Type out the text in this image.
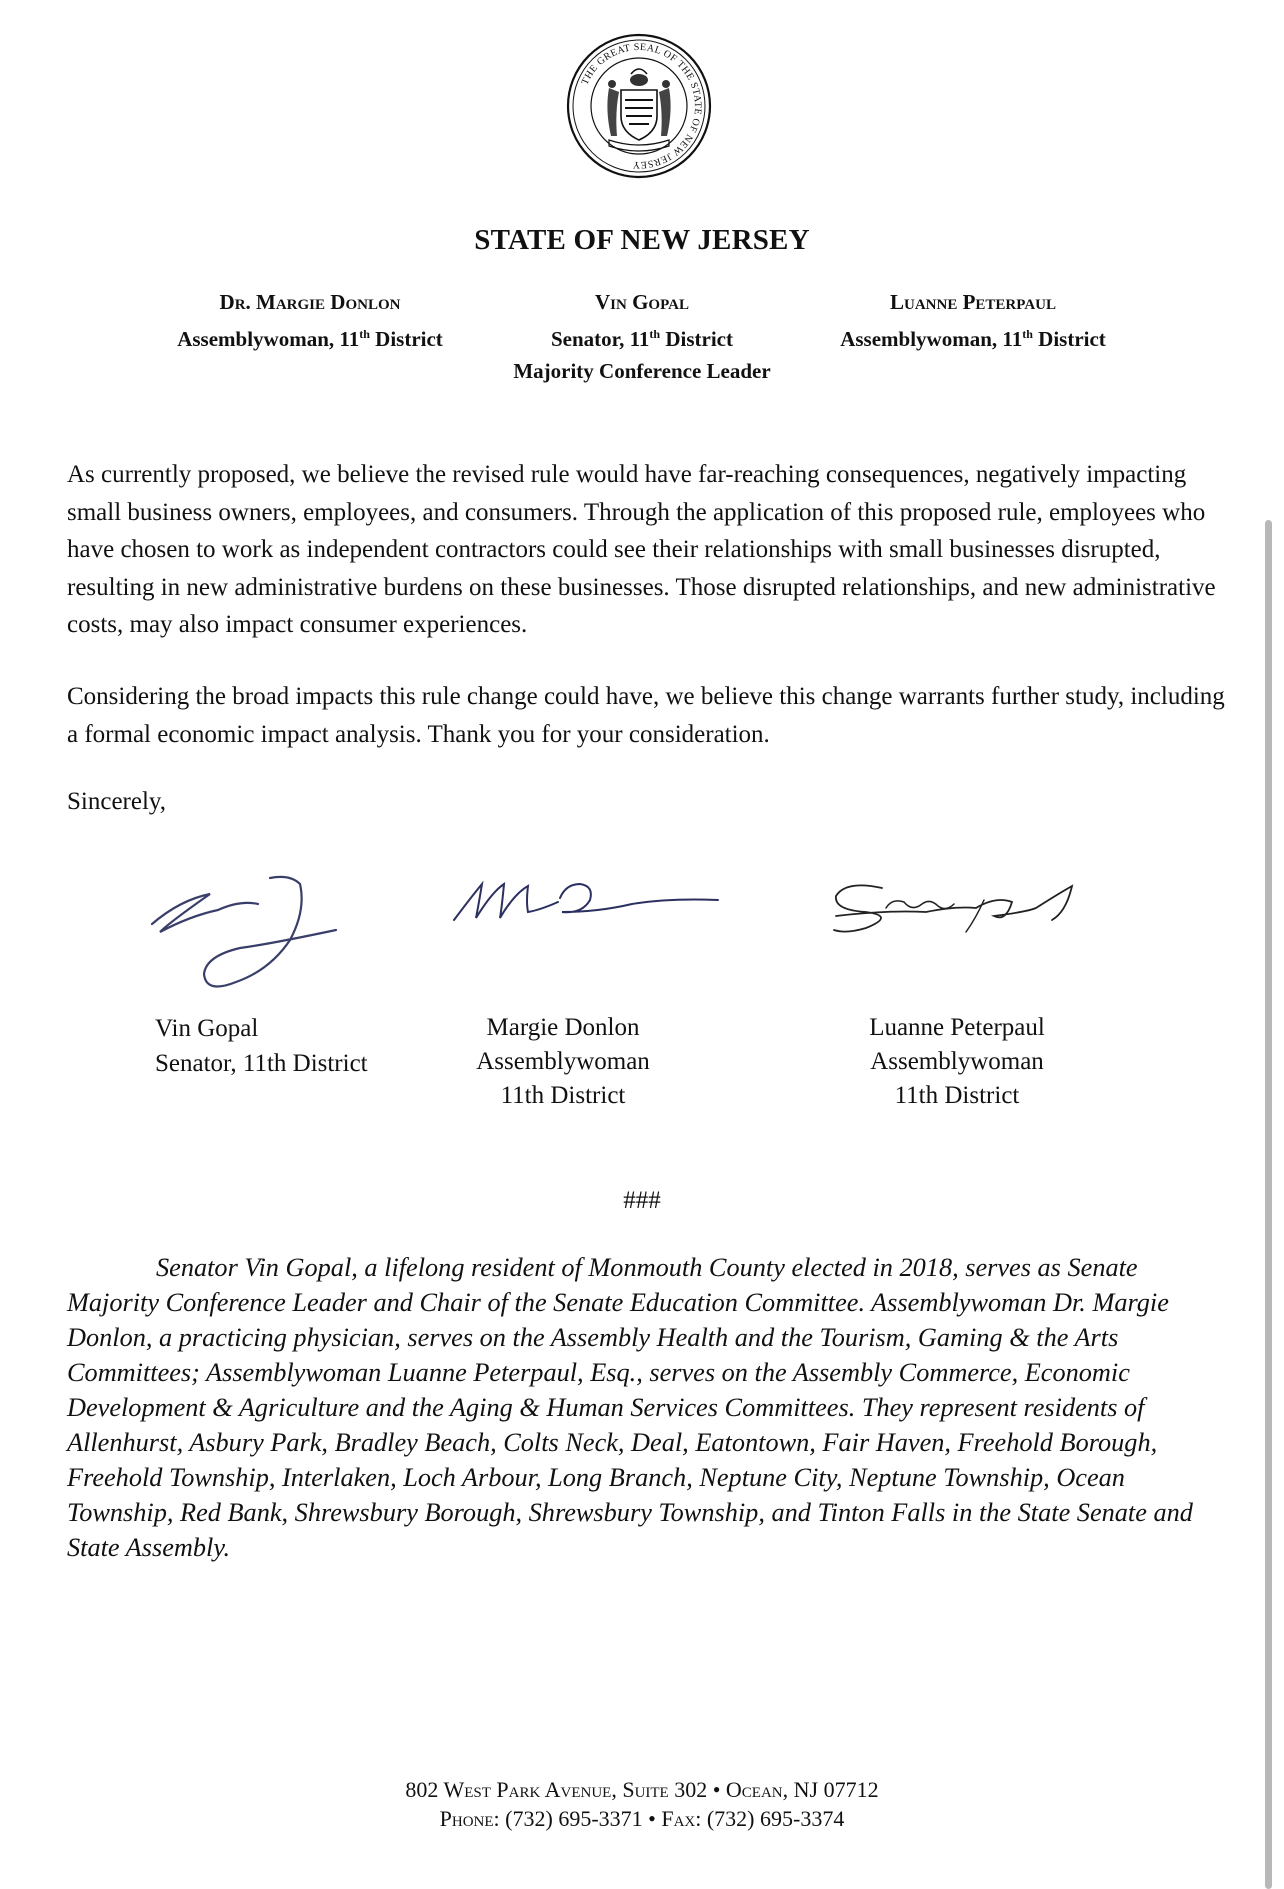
THE GREAT SEAL OF THE STATE OF NEW JERSEY
STATE OF NEW JERSEY
Dr. Margie Donlon
Assemblywoman, 11th District
Vin Gopal
Senator, 11th District
Majority Conference Leader
Luanne Peterpaul
Assemblywoman, 11th District

As currently proposed, we believe the revised rule would have far-reaching consequences, negatively impacting small business owners, employees, and consumers. Through the application of this proposed rule, employees who have chosen to work as independent contractors could see their relationships with small businesses disrupted, resulting in new administrative burdens on these businesses. Those disrupted relationships, and new administrative costs, may also impact consumer experiences.

Considering the broad impacts this rule change could have, we believe this change warrants further study, including a formal economic impact analysis. Thank you for your consideration.

Sincerely,

Vin Gopal
Senator, 11th District
Margie Donlon
Assemblywoman
11th District
Luanne Peterpaul
Assemblywoman
11th District
###

Senator Vin Gopal, a lifelong resident of Monmouth County elected in 2018, serves as Senate Majority Conference Leader and Chair of the Senate Education Committee. Assemblywoman Dr. Margie Donlon, a practicing physician, serves on the Assembly Health and the Tourism, Gaming & the Arts Committees; Assemblywoman Luanne Peterpaul, Esq., serves on the Assembly Commerce, Economic Development & Agriculture and the Aging & Human Services Committees. They represent residents of Allenhurst, Asbury Park, Bradley Beach, Colts Neck, Deal, Eatontown, Fair Haven, Freehold Borough, Freehold Township, Interlaken, Loch Arbour, Long Branch, Neptune City, Neptune Township, Ocean Township, Red Bank, Shrewsbury Borough, Shrewsbury Township, and Tinton Falls in the State Senate and State Assembly.

802 West Park Avenue, Suite 302 • Ocean, NJ 07712
Phone: (732) 695-3371 • Fax: (732) 695-3374
